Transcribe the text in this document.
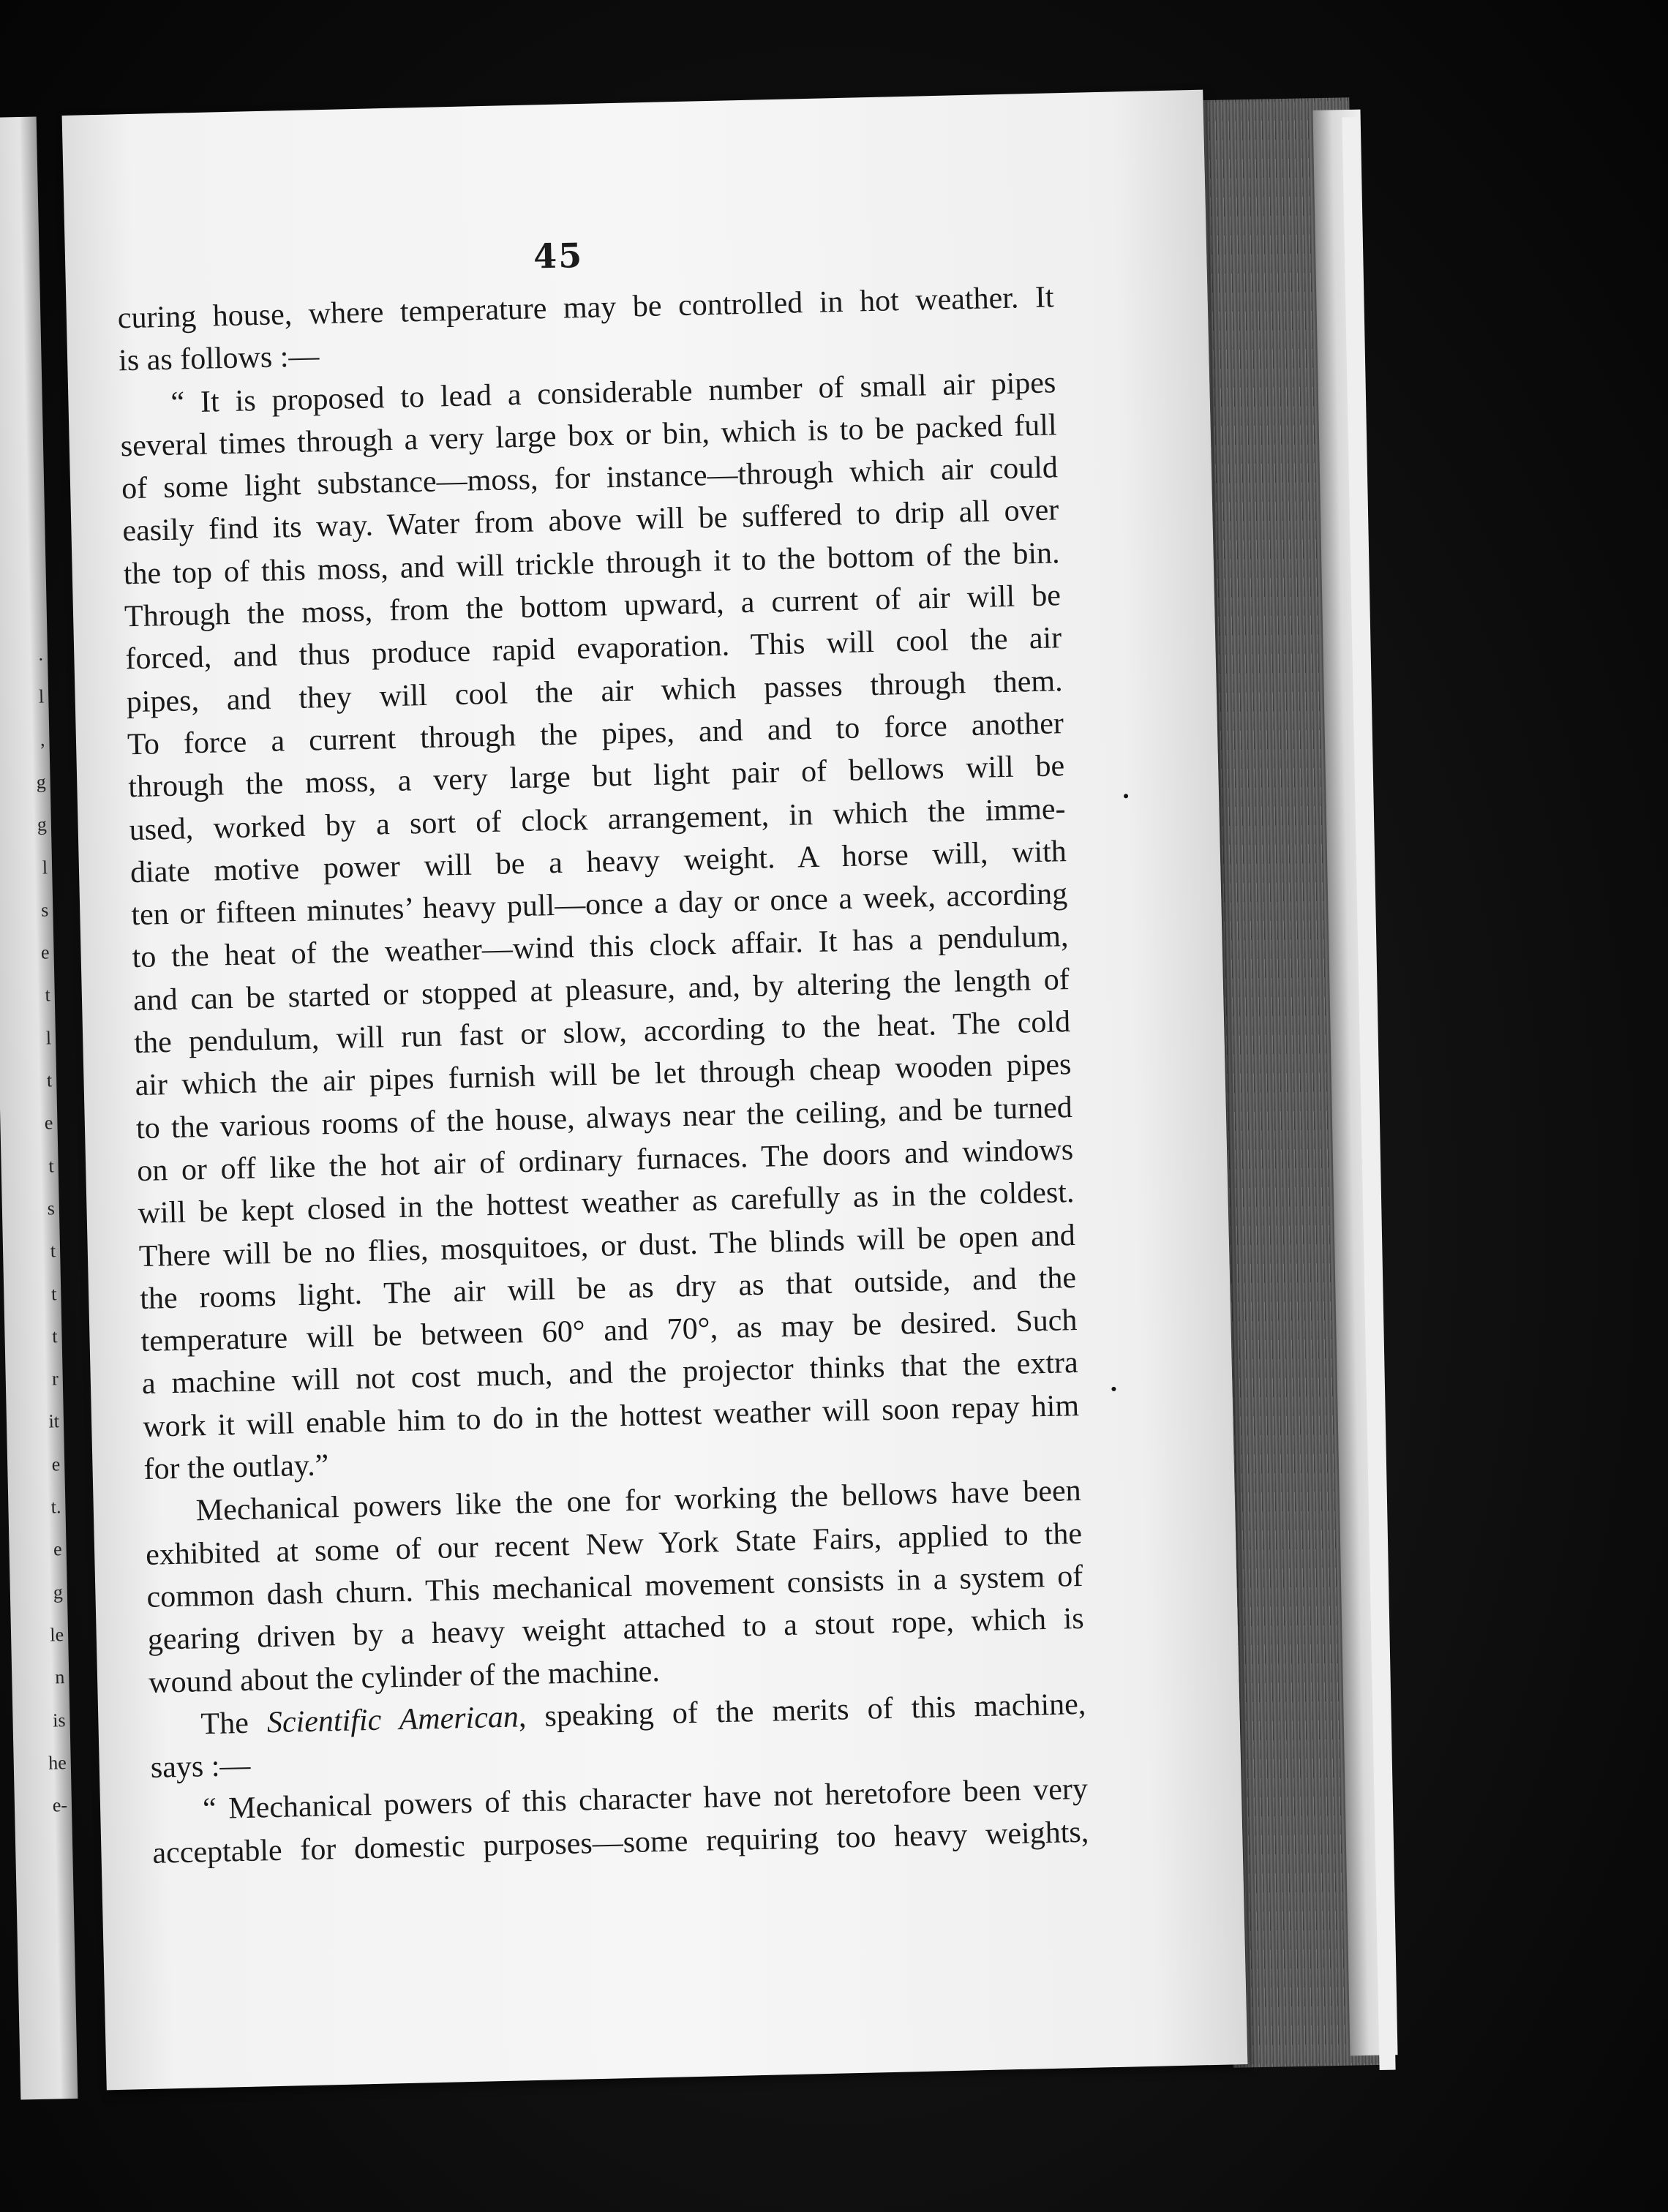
.
l
,
g
g
l
s
e
t
l
t
e
t
s
t
t
t
r
it
e
t.
e
g
le
n
is
he
e-
45
curing house, where temperature may be controlled in hot weather. It
is as follows :—
“ It is proposed to lead a considerable number of small air pipes
several times through a very large box or bin, which is to be packed full
of some light substance—moss, for instance—through which air could
easily find its way. Water from above will be suffered to drip all over
the top of this moss, and will trickle through it to the bottom of the bin.
Through the moss, from the bottom upward, a current of air will be
forced, and thus produce rapid evaporation. This will cool the air
pipes, and they will cool the air which passes through them.
To force a current through the pipes, and and to force another
through the moss, a very large but light pair of bellows will be
used, worked by a sort of clock arrangement, in which the imme-
diate motive power will be a heavy weight. A horse will, with
ten or fifteen minutes’ heavy pull—once a day or once a week, according
to the heat of the weather—wind this clock affair. It has a pendulum,
and can be started or stopped at pleasure, and, by altering the length of
the pendulum, will run fast or slow, according to the heat. The cold
air which the air pipes furnish will be let through cheap wooden pipes
to the various rooms of the house, always near the ceiling, and be turned
on or off like the hot air of ordinary furnaces. The doors and windows
will be kept closed in the hottest weather as carefully as in the coldest.
There will be no flies, mosquitoes, or dust. The blinds will be open and
the rooms light. The air will be as dry as that outside, and the
temperature will be between 60° and 70°, as may be desired. Such
a machine will not cost much, and the projector thinks that the extra
work it will enable him to do in the hottest weather will soon repay him
for the outlay.”
Mechanical powers like the one for working the bellows have been
exhibited at some of our recent New York State Fairs, applied to the
common dash churn. This mechanical movement consists in a system of
gearing driven by a heavy weight attached to a stout rope, which is
wound about the cylinder of the machine.
The Scientific American, speaking of the merits of this machine,
says :—
“ Mechanical powers of this character have not heretofore been very
acceptable for domestic purposes—some requiring too heavy weights,
